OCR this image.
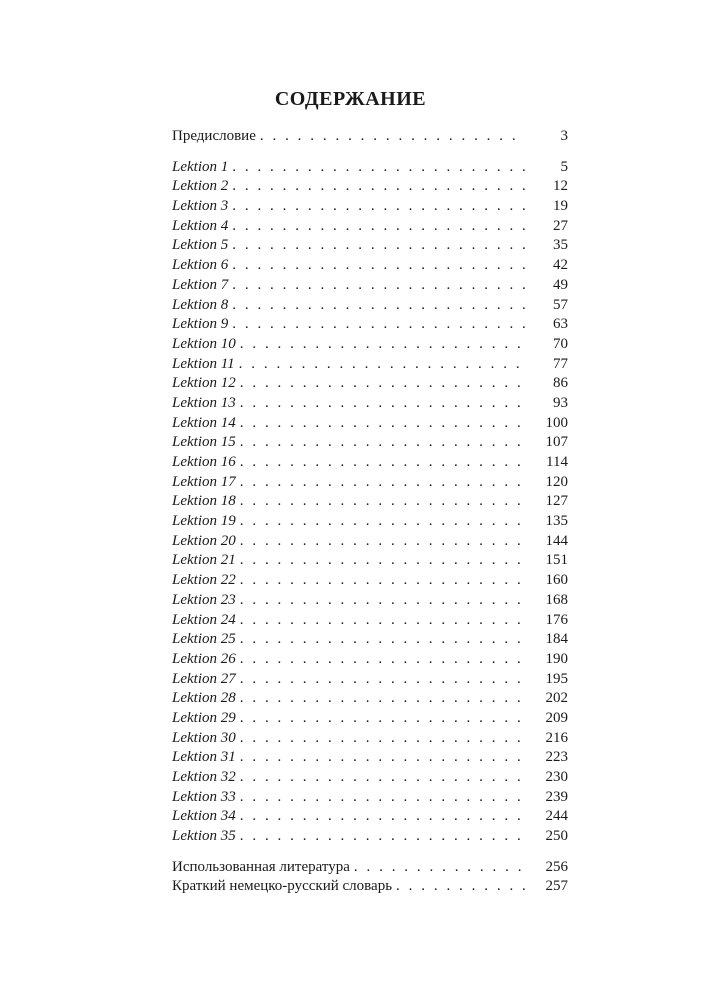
СОДЕРЖАНИЕ
Предисловие . . . . . . . . . . . . . . . . . . . . .	3
Lektion 1 . . . . . . . . . . . . . . . . . . . . . . . .	5
Lektion 2 . . . . . . . . . . . . . . . . . . . . . . . .	12
Lektion 3 . . . . . . . . . . . . . . . . . . . . . . . .	19
Lektion 4 . . . . . . . . . . . . . . . . . . . . . . . .	27
Lektion 5 . . . . . . . . . . . . . . . . . . . . . . . .	35
Lektion 6 . . . . . . . . . . . . . . . . . . . . . . . .	42
Lektion 7 . . . . . . . . . . . . . . . . . . . . . . . .	49
Lektion 8 . . . . . . . . . . . . . . . . . . . . . . . .	57
Lektion 9 . . . . . . . . . . . . . . . . . . . . . . . .	63
Lektion 10 . . . . . . . . . . . . . . . . . . . . . . .	70
Lektion 11 . . . . . . . . . . . . . . . . . . . . . . .	77
Lektion 12 . . . . . . . . . . . . . . . . . . . . . . .	86
Lektion 13 . . . . . . . . . . . . . . . . . . . . . . .	93
Lektion 14 . . . . . . . . . . . . . . . . . . . . . . .	100
Lektion 15 . . . . . . . . . . . . . . . . . . . . . . .	107
Lektion 16 . . . . . . . . . . . . . . . . . . . . . . .	114
Lektion 17 . . . . . . . . . . . . . . . . . . . . . . .	120
Lektion 18 . . . . . . . . . . . . . . . . . . . . . . .	127
Lektion 19 . . . . . . . . . . . . . . . . . . . . . . .	135
Lektion 20 . . . . . . . . . . . . . . . . . . . . . . .	144
Lektion 21 . . . . . . . . . . . . . . . . . . . . . . .	151
Lektion 22 . . . . . . . . . . . . . . . . . . . . . . .	160
Lektion 23 . . . . . . . . . . . . . . . . . . . . . . .	168
Lektion 24 . . . . . . . . . . . . . . . . . . . . . . .	176
Lektion 25 . . . . . . . . . . . . . . . . . . . . . . .	184
Lektion 26 . . . . . . . . . . . . . . . . . . . . . . .	190
Lektion 27 . . . . . . . . . . . . . . . . . . . . . . .	195
Lektion 28 . . . . . . . . . . . . . . . . . . . . . . .	202
Lektion 29 . . . . . . . . . . . . . . . . . . . . . . .	209
Lektion 30 . . . . . . . . . . . . . . . . . . . . . . .	216
Lektion 31 . . . . . . . . . . . . . . . . . . . . . . .	223
Lektion 32 . . . . . . . . . . . . . . . . . . . . . . .	230
Lektion 33 . . . . . . . . . . . . . . . . . . . . . . .	239
Lektion 34 . . . . . . . . . . . . . . . . . . . . . . .	244
Lektion 35 . . . . . . . . . . . . . . . . . . . . . . .	250
Использованная литература . . . . . . . . . . . . . .	256
Краткий немецко-русский словарь . . . . . . . . . . .	257
